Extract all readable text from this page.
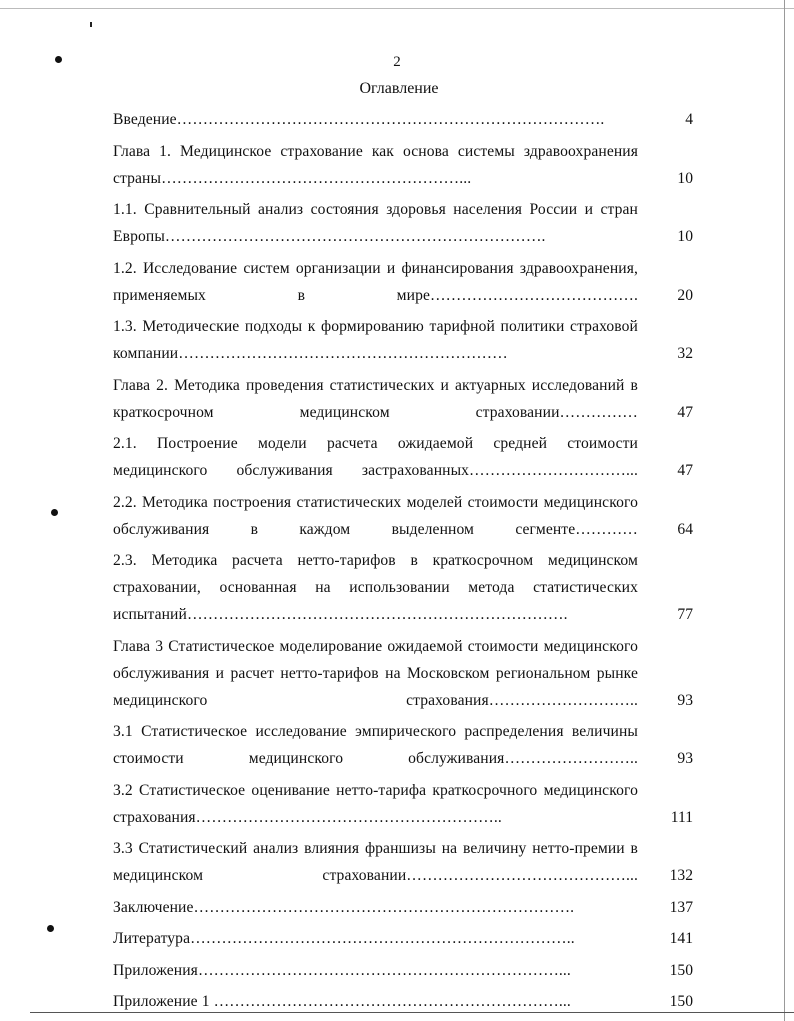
2
Оглавление
Введение……………………………………………………………………….	4
Глава 1. Медицинское страхование как основа системы здравоохранения страны…………………………………………………...	10
1.1. Сравнительный анализ состояния здоровья населения России и стран Европы……………………………………………………………….	10
1.2. Исследование систем организации и финансирования здравоохранения, применяемых в мире………………………………….	20
1.3. Методические подходы к формированию тарифной политики страховой компании………………………………………………………	32
Глава 2. Методика проведения статистических и актуарных исследований в краткосрочном медицинском страховании……………	47
2.1. Построение модели расчета ожидаемой средней стоимости медицинского обслуживания застрахованных…………………………...	47
2.2. Методика построения статистических моделей стоимости медицинского обслуживания в каждом выделенном сегменте…………	64
2.3. Методика расчета нетто-тарифов в краткосрочном медицинском страховании, основанная на использовании метода статистических испытаний……………………………………………………………….	77
Глава 3 Статистическое моделирование ожидаемой стоимости медицинского обслуживания и расчет нетто-тарифов на Московском региональном рынке медицинского страхования………………………..	93
3.1 Статистическое исследование эмпирического распределения величины стоимости медицинского обслуживания……………………..	93
3.2 Статистическое оценивание нетто-тарифа краткосрочного медицинского страхования…………………………………………………..	111
3.3 Статистический анализ влияния франшизы на величину нетто-премии в медицинском страховании……………………………………...	132
Заключение……………………………………………………………….	137
Литература………………………………………………………………..	141
Приложения……………………………………………………………...	150
Приложение 1 …………………………………………………………...	150
